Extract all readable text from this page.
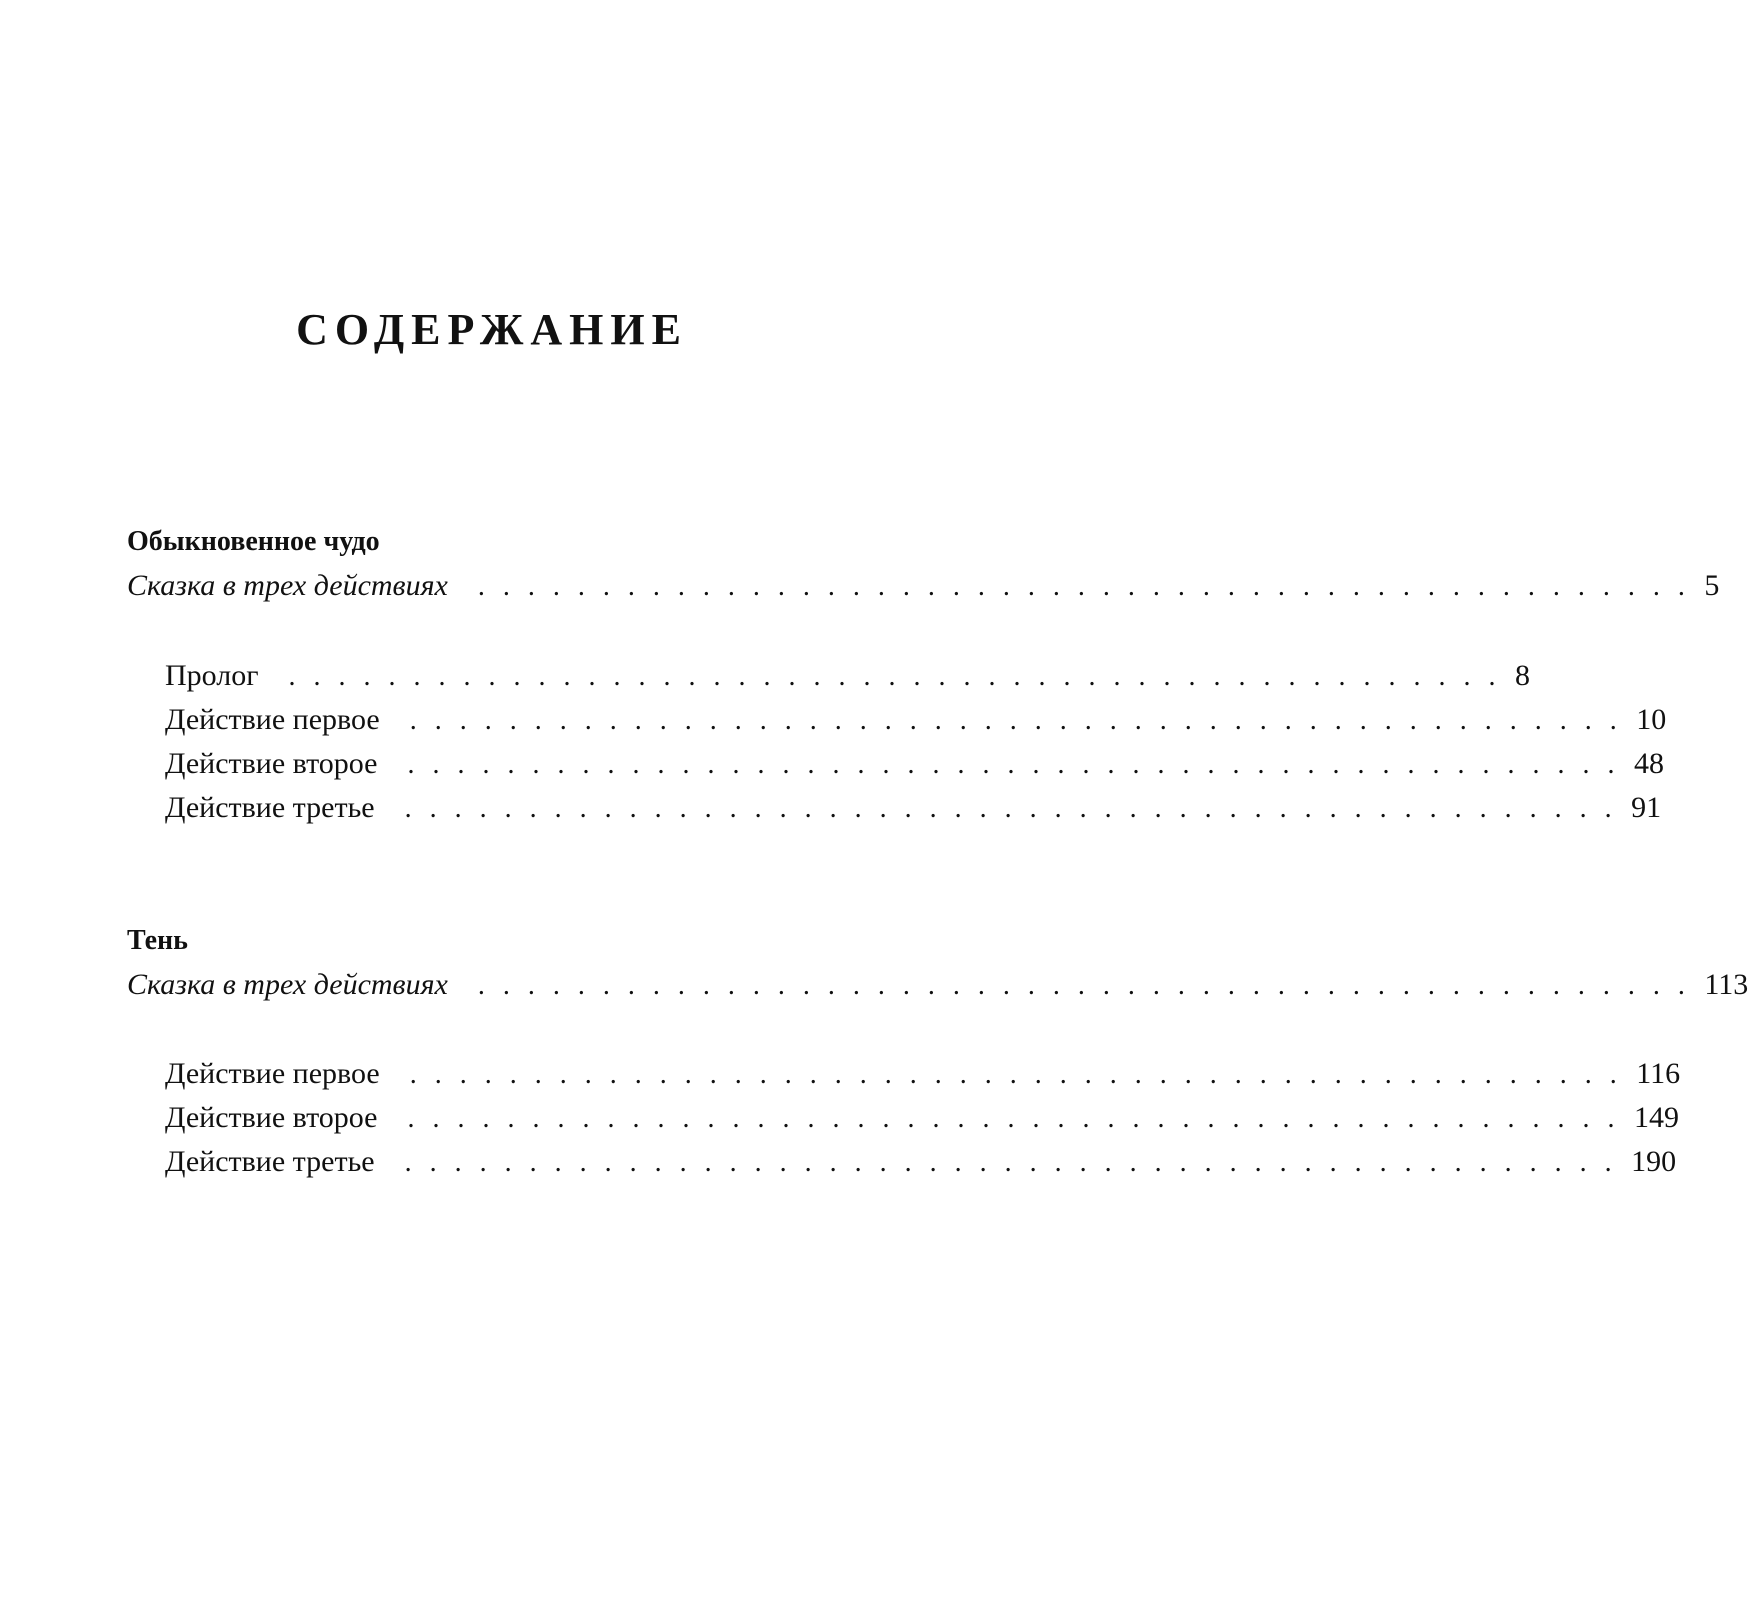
СОДЕРЖАНИЕ
Обыкновенное чудо
Сказка в трех действиях . . . . . . . . . . . . . . . . . . . . . . . . . . . . . . . . . . . . . . . . . . . . . . . . . 5
Пролог . . . . . . . . . . . . . . . . . . . . . . . . . . . . . . . . . . . . . . . . . . . . . . . . . 8
Действие первое . . . . . . . . . . . . . . . . . . . . . . . . . . . . . . . . . . . . . . . . . . . . . . . . . 10
Действие второе . . . . . . . . . . . . . . . . . . . . . . . . . . . . . . . . . . . . . . . . . . . . . . . . . 48
Действие третье . . . . . . . . . . . . . . . . . . . . . . . . . . . . . . . . . . . . . . . . . . . . . . . . . 91
Тень
Сказка в трех действиях . . . . . . . . . . . . . . . . . . . . . . . . . . . . . . . . . . . . . . . . . . . . . . . . . 113
Действие первое . . . . . . . . . . . . . . . . . . . . . . . . . . . . . . . . . . . . . . . . . . . . . . . . . 116
Действие второе . . . . . . . . . . . . . . . . . . . . . . . . . . . . . . . . . . . . . . . . . . . . . . . . . 149
Действие третье . . . . . . . . . . . . . . . . . . . . . . . . . . . . . . . . . . . . . . . . . . . . . . . . . 190
